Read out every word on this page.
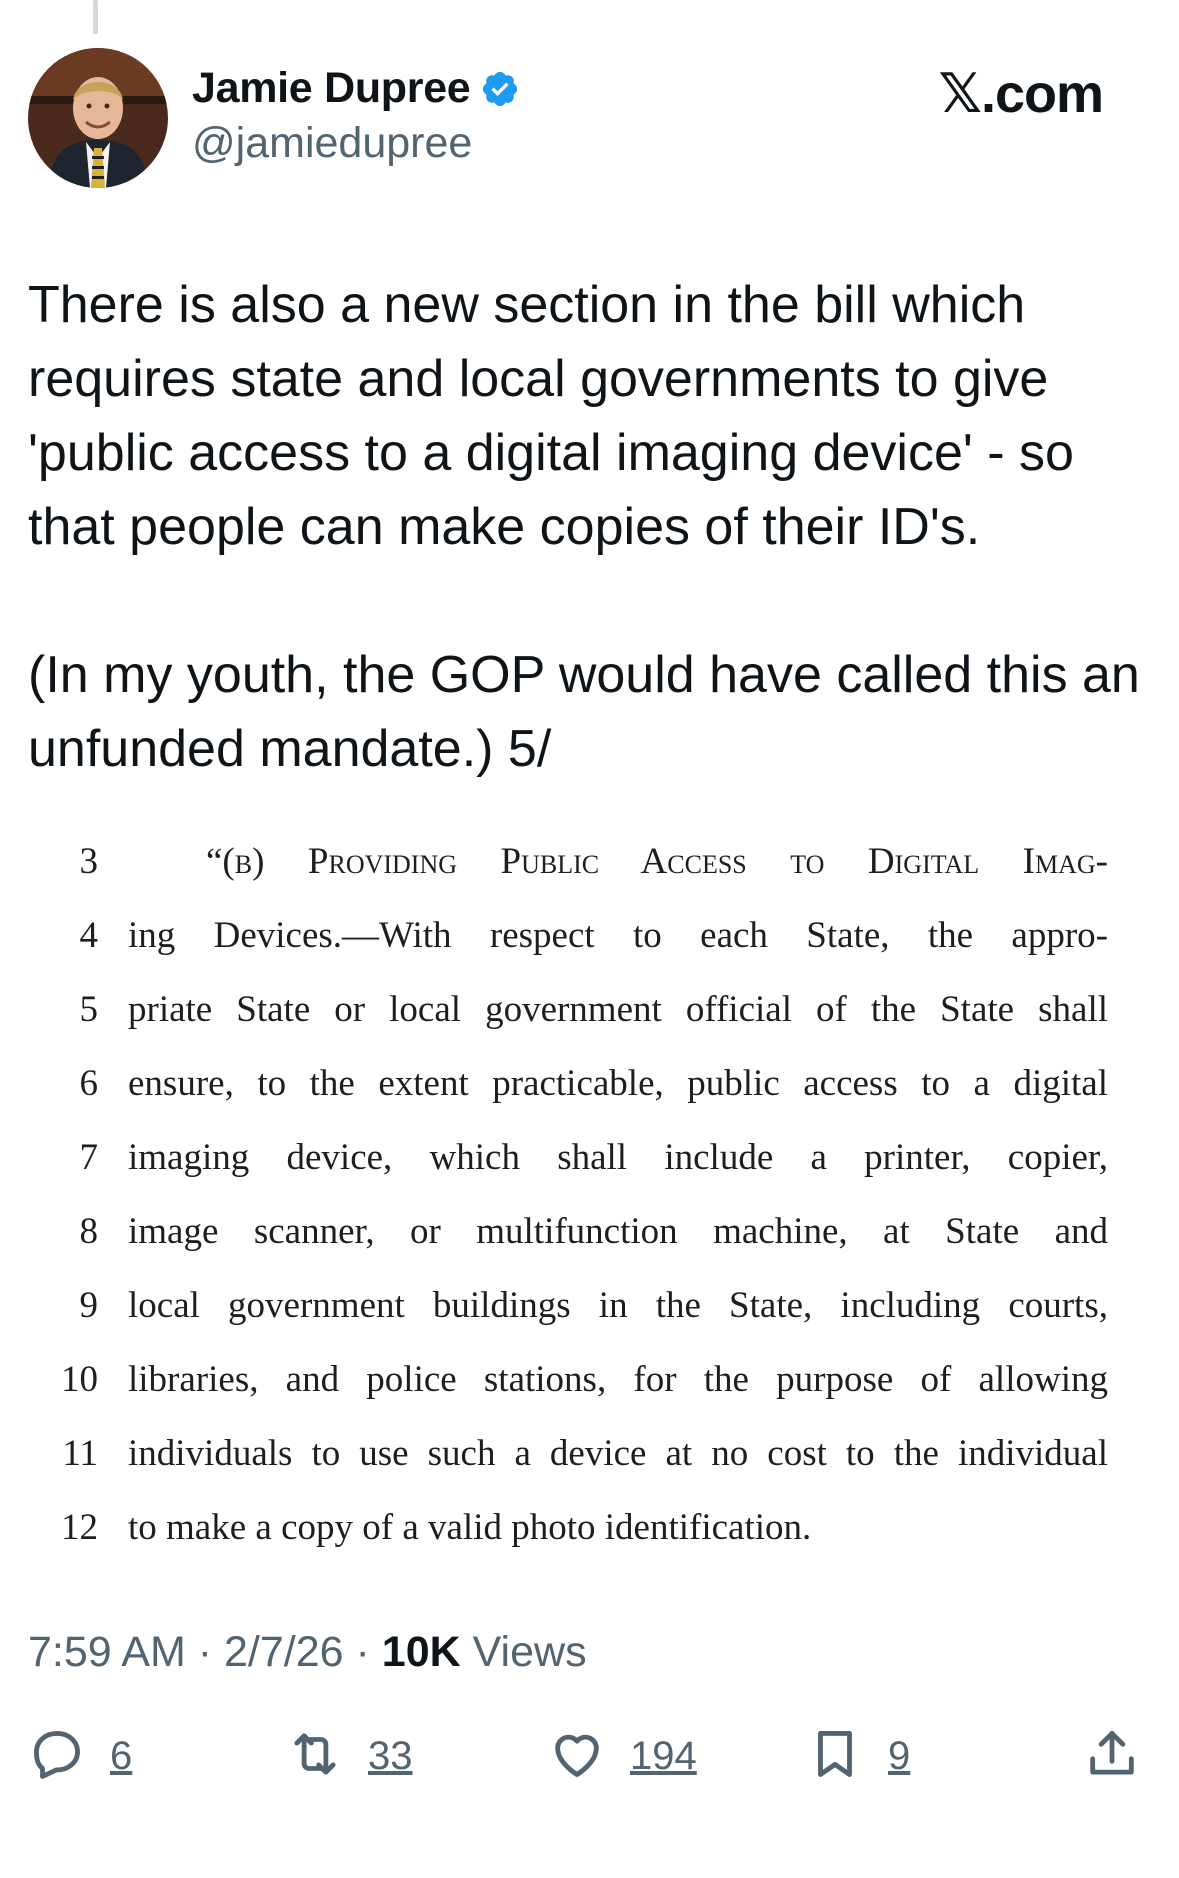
Jamie Dupree
@jamiedupree
𝕏.com
There is also a new section in the bill which requires state and local governments to give 'public access to a digital imaging device' - so that people can make copies of their ID's.

(In my youth, the GOP would have called this an unfunded mandate.) 5/
3	“(b) Providing Public Access to Digital Imag-
4 ing Devices.—With respect to each State, the appro-
5 priate State or local government official of the State shall
6 ensure, to the extent practicable, public access to a digital
7 imaging device, which shall include a printer, copier,
8 image scanner, or multifunction machine, at State and
9 local government buildings in the State, including courts,
10 libraries, and police stations, for the purpose of allowing
11 individuals to use such a device at no cost to the individual
12 to make a copy of a valid photo identification.
7:59 AM · 2/7/26 · 10K Views
6	33	194	9
